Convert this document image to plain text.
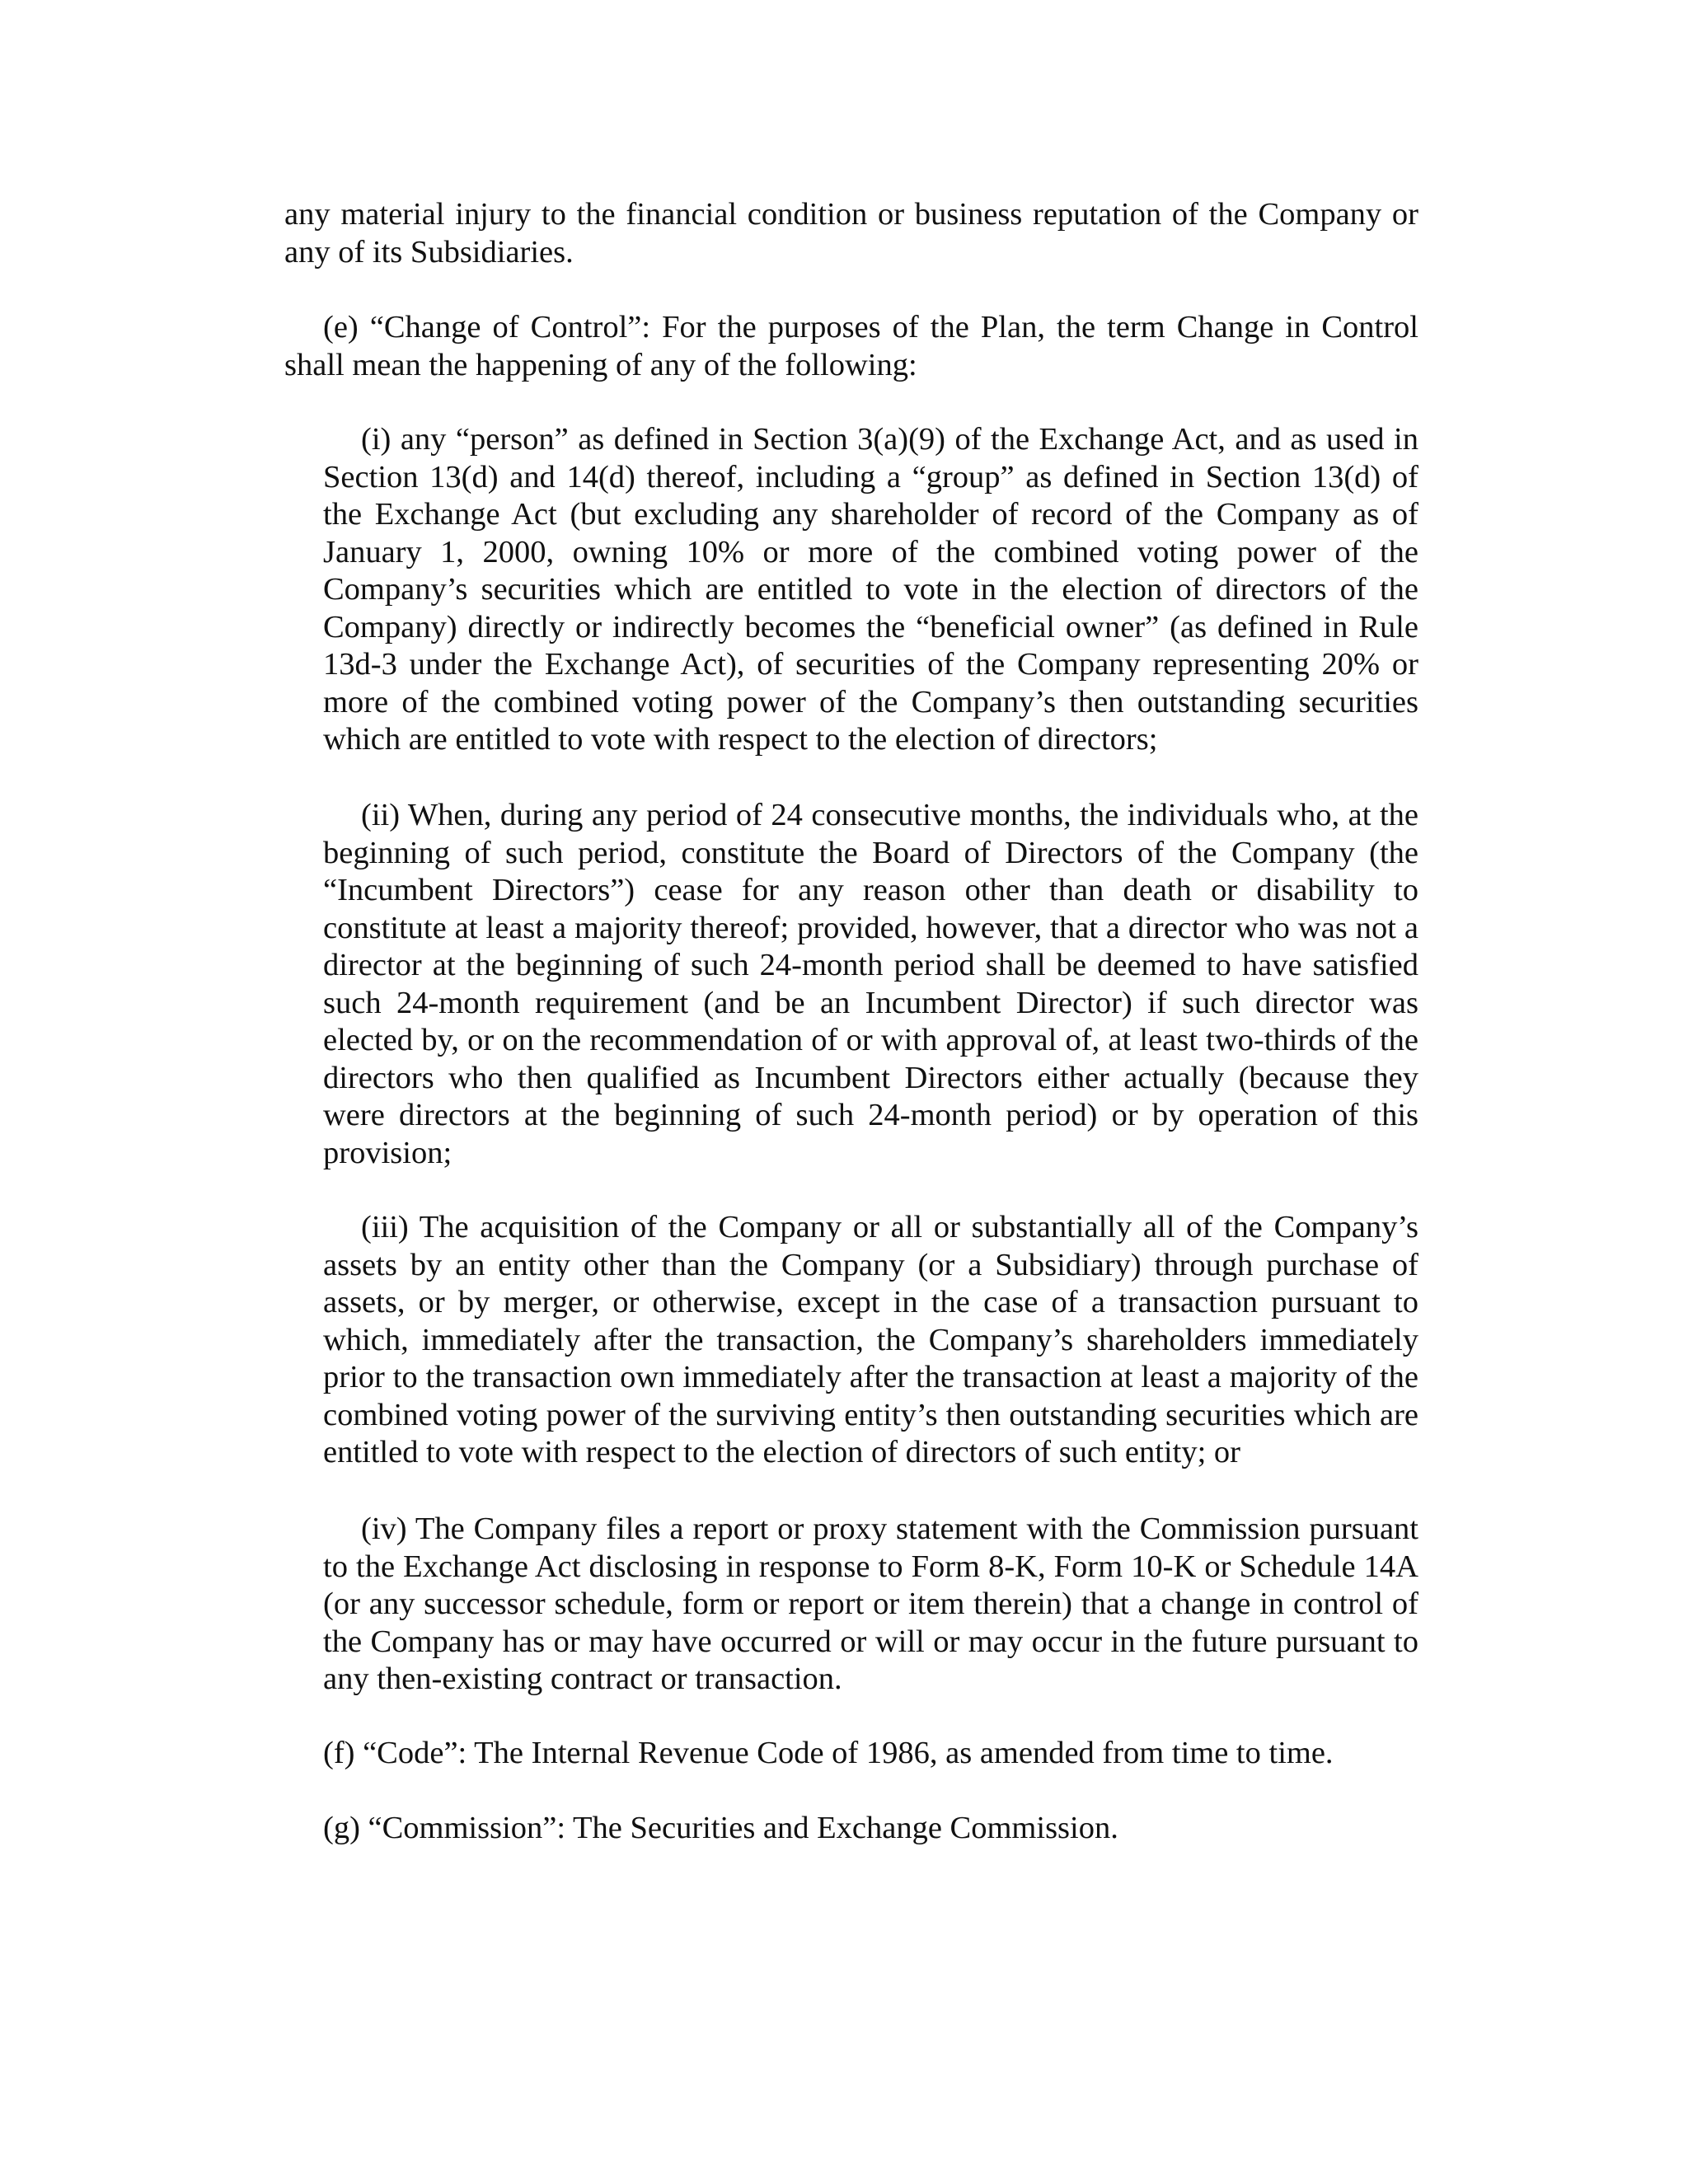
any material injury to the financial condition or business reputation of the Company or any of its Subsidiaries.

(e) “Change of Control”: For the purposes of the Plan, the term Change in Control shall mean the happening of any of the following:

(i) any “person” as defined in Section 3(a)(9) of the Exchange Act, and as used in Section 13(d) and 14(d) thereof, including a “group” as defined in Section 13(d) of the Exchange Act (but excluding any shareholder of record of the Company as of January 1, 2000, owning 10% or more of the combined voting power of the Company’s securities which are entitled to vote in the election of directors of the Company) directly or indirectly becomes the “beneficial owner” (as defined in Rule 13d-3 under the Exchange Act), of securities of the Company representing 20% or more of the combined voting power of the Company’s then outstanding securities which are entitled to vote with respect to the election of directors;

(ii) When, during any period of 24 consecutive months, the individuals who, at the beginning of such period, constitute the Board of Directors of the Company (the “Incumbent Directors”) cease for any reason other than death or disability to constitute at least a majority thereof; provided, however, that a director who was not a director at the beginning of such 24-month period shall be deemed to have satisfied such 24-month requirement (and be an Incumbent Director) if such director was elected by, or on the recommendation of or with approval of, at least two-thirds of the directors who then qualified as Incumbent Directors either actually (because they were directors at the beginning of such 24-month period) or by operation of this provision;

(iii) The acquisition of the Company or all or substantially all of the Company’s assets by an entity other than the Company (or a Subsidiary) through purchase of assets, or by merger, or otherwise, except in the case of a transaction pursuant to which, immediately after the transaction, the Company’s shareholders immediately prior to the transaction own immediately after the transaction at least a majority of the combined voting power of the surviving entity’s then outstanding securities which are entitled to vote with respect to the election of directors of such entity; or

(iv) The Company files a report or proxy statement with the Commission pursuant to the Exchange Act disclosing in response to Form 8-K, Form 10-K or Schedule 14A (or any successor schedule, form or report or item therein) that a change in control of the Company has or may have occurred or will or may occur in the future pursuant to any then-existing contract or transaction.

(f) “Code”: The Internal Revenue Code of 1986, as amended from time to time.

(g) “Commission”: The Securities and Exchange Commission.
